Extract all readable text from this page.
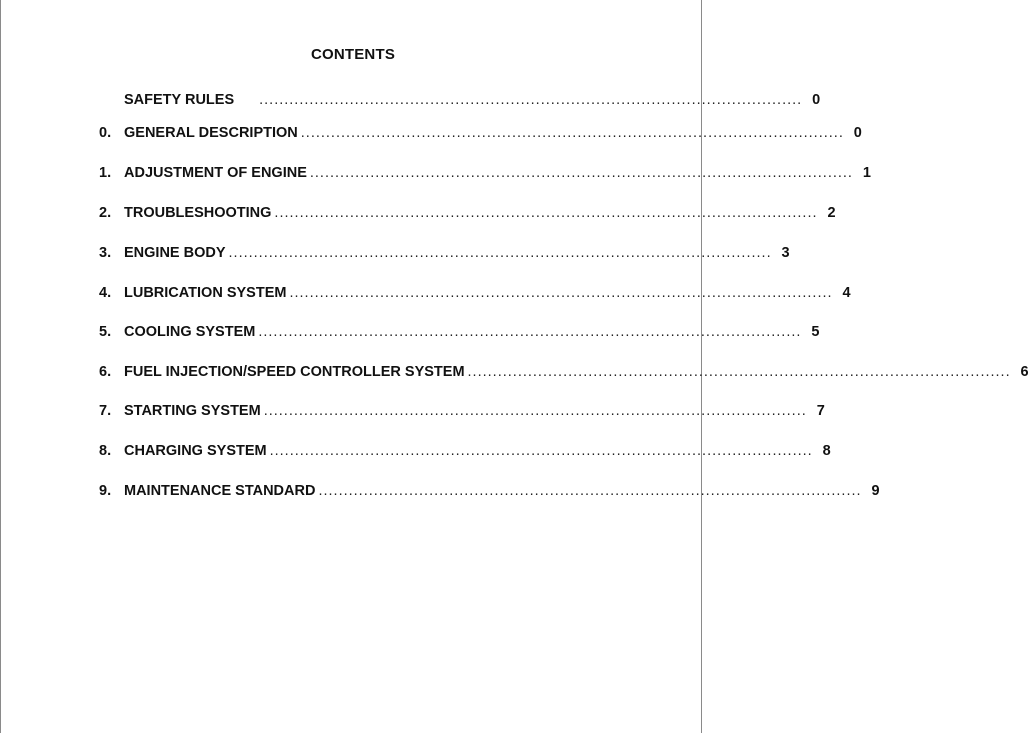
CONTENTS
SAFETY RULES ............................................................................................................ 0
0. GENERAL DESCRIPTION ............................................................................................................ 0
1. ADJUSTMENT OF ENGINE ............................................................................................................ 1
2. TROUBLESHOOTING ............................................................................................................ 2
3. ENGINE BODY ............................................................................................................ 3
4. LUBRICATION SYSTEM ............................................................................................................ 4
5. COOLING SYSTEM ............................................................................................................ 5
6. FUEL INJECTION/SPEED CONTROLLER SYSTEM ............................................................................................................ 6
7. STARTING SYSTEM ............................................................................................................ 7
8. CHARGING SYSTEM ............................................................................................................ 8
9. MAINTENANCE STANDARD ............................................................................................................ 9
